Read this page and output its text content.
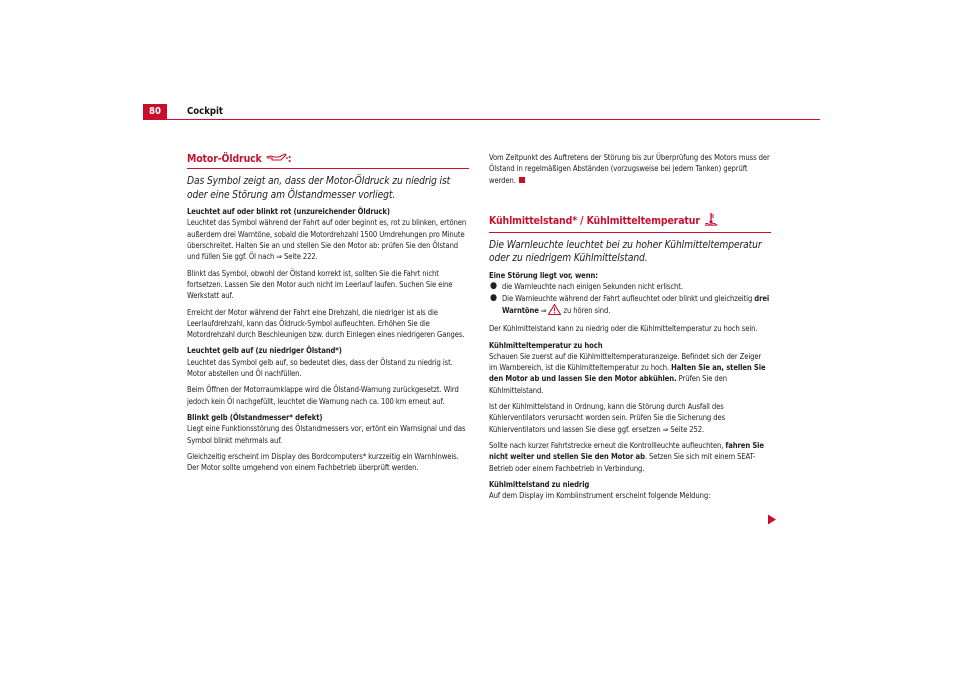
80	Cockpit
Motor-Öldruck	:
Das Symbol zeigt an, dass der Motor-Öldruck zu niedrig ist oder eine Störung am Ölstandmesser vorliegt.

Leuchtet auf oder blinkt rot (unzureichender Öldruck)

Leuchtet das Symbol während der Fahrt auf oder beginnt es, rot zu blinken, ertönen außerdem drei Warntöne, sobald die Motordrehzahl 1500 Umdrehungen pro Minute überschreitet. Halten Sie an und stellen Sie den Motor ab: prüfen Sie den Ölstand und füllen Sie ggf. Öl nach ⇒ Seite 222.

Blinkt das Symbol, obwohl der Ölstand korrekt ist, sollten Sie die Fahrt nicht fortsetzen. Lassen Sie den Motor auch nicht im Leerlauf laufen. Suchen Sie eine Werkstatt auf.

Erreicht der Motor während der Fahrt eine Drehzahl, die niedriger ist als die Leerlaufdrehzahl, kann das Öldruck-Symbol aufleuchten. Erhöhen Sie die Motordrehzahl durch Beschleunigen bzw. durch Einlegen eines niedrigeren Ganges.

Leuchtet gelb auf (zu niedriger Ölstand*)

Leuchtet das Symbol gelb auf, so bedeutet dies, dass der Ölstand zu niedrig ist. Motor abstellen und Öl nachfüllen.

Beim Öffnen der Motorraumklappe wird die Ölstand-Warnung zurückgesetzt. Wird jedoch kein Öl nachgefüllt, leuchtet die Warnung nach ca. 100 km erneut auf.

Blinkt gelb (Ölstandmesser* defekt)

Liegt eine Funktionsstörung des Ölstandmessers vor, ertönt ein Warnsignal und das Symbol blinkt mehrmals auf.

Gleichzeitig erscheint im Display des Bordcomputers* kurzzeitig ein Warnhinweis. Der Motor sollte umgehend von einem Fachbetrieb überprüft werden.

Vom Zeitpunkt des Auftretens der Störung bis zur Überprüfung des Motors muss der Ölstand in regelmäßigen Abständen (vorzugsweise bei jedem Tanken) geprüft werden.

Kühlmittelstand* / Kühlmitteltemperatur
Die Warnleuchte leuchtet bei zu hoher Kühlmitteltemperatur oder zu niedrigem Kühlmittelstand.

Eine Störung liegt vor, wenn:

● die Warnleuchte nach einigen Sekunden nicht erlischt.

● Die Warnleuchte während der Fahrt aufleuchtet oder blinkt und gleichzeitig drei Warntöne ⇒ zu hören sind.

Der Kühlmittelstand kann zu niedrig oder die Kühlmitteltemperatur zu hoch sein.

Kühlmitteltemperatur zu hoch

Schauen Sie zuerst auf die Kühlmitteltemperaturanzeige. Befindet sich der Zeiger im Warnbereich, ist die Kühlmitteltemperatur zu hoch. Halten Sie an, stellen Sie den Motor ab und lassen Sie den Motor abkühlen. Prüfen Sie den Kühlmittelstand.

Ist der Kühlmittelstand in Ordnung, kann die Störung durch Ausfall des Kühlerventilators verursacht worden sein. Prüfen Sie die Sicherung des Kühlerventilators und lassen Sie diese ggf. ersetzen ⇒ Seite 252.

Sollte nach kurzer Fahrtstrecke erneut die Kontrollleuchte aufleuchten, fahren Sie nicht weiter und stellen Sie den Motor ab. Setzen Sie sich mit einem SEAT-Betrieb oder einem Fachbetrieb in Verbindung.

Kühlmittelstand zu niedrig

Auf dem Display im Kombiinstrument erscheint folgende Meldung:
